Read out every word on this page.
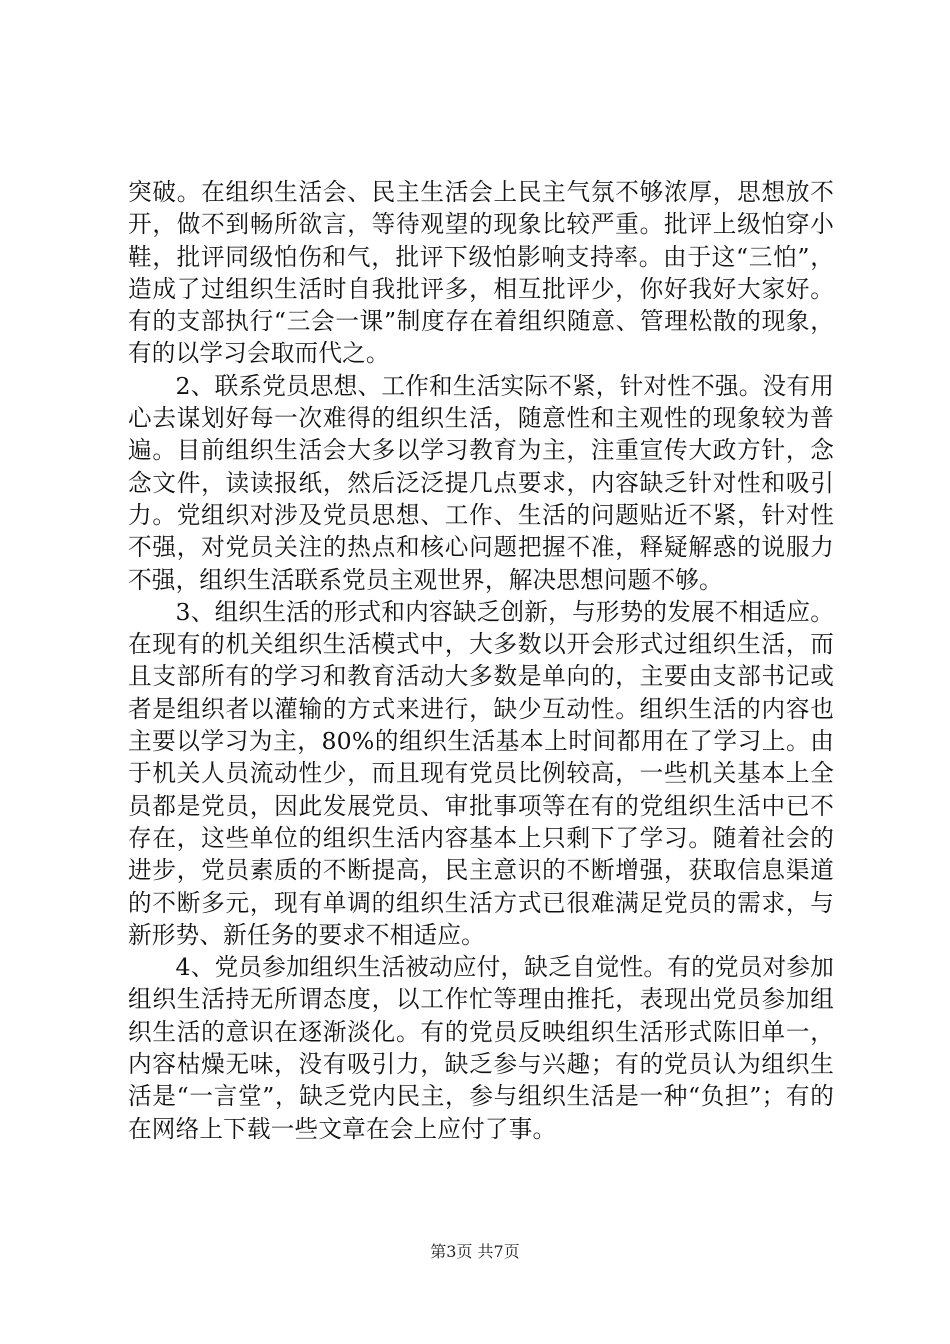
突破。在组织生活会、民主生活会上民主气氛不够浓厚，思想放不开，做不到畅所欲言，等待观望的现象比较严重。批评上级怕穿小鞋，批评同级怕伤和气，批评下级怕影响支持率。由于这“三怕”，造成了过组织生活时自我批评多，相互批评少，你好我好大家好。有的支部执行“三会一课”制度存在着组织随意、管理松散的现象，有的以学习会取而代之。

2、联系党员思想、工作和生活实际不紧，针对性不强。没有用心去谋划好每一次难得的组织生活，随意性和主观性的现象较为普遍。目前组织生活会大多以学习教育为主，注重宣传大政方针，念念文件，读读报纸，然后泛泛提几点要求，内容缺乏针对性和吸引力。党组织对涉及党员思想、工作、生活的问题贴近不紧，针对性不强，对党员关注的热点和核心问题把握不准，释疑解惑的说服力不强，组织生活联系党员主观世界，解决思想问题不够。

3、组织生活的形式和内容缺乏创新，与形势的发展不相适应。在现有的机关组织生活模式中，大多数以开会形式过组织生活，而且支部所有的学习和教育活动大多数是单向的，主要由支部书记或者是组织者以灌输的方式来进行，缺少互动性。组织生活的内容也主要以学习为主，80%的组织生活基本上时间都用在了学习上。由于机关人员流动性少，而且现有党员比例较高，一些机关基本上全员都是党员，因此发展党员、审批事项等在有的党组织生活中已不存在，这些单位的组织生活内容基本上只剩下了学习。随着社会的进步，党员素质的不断提高，民主意识的不断增强，获取信息渠道的不断多元，现有单调的组织生活方式已很难满足党员的需求，与新形势、新任务的要求不相适应。

4、党员参加组织生活被动应付，缺乏自觉性。有的党员对参加组织生活持无所谓态度，以工作忙等理由推托，表现出党员参加组织生活的意识在逐渐淡化。有的党员反映组织生活形式陈旧单一，内容枯燥无味，没有吸引力，缺乏参与兴趣；有的党员认为组织生活是“一言堂”，缺乏党内民主，参与组织生活是一种“负担”；有的在网络上下载一些文章在会上应付了事。

第3页 共7页
